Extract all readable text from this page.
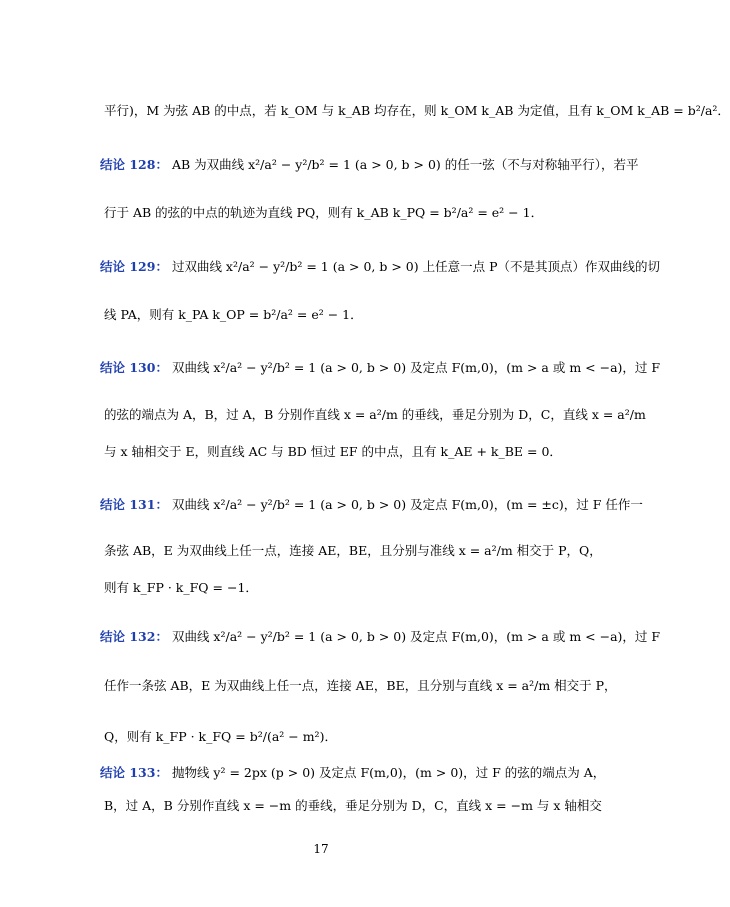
平行)，M 为弦 AB 的中点，若 k_OM 与 k_AB 均存在，则 k_OM k_AB 为定值，且有 k_OM k_AB = b²/a²．
结论 128： AB 为双曲线 x²/a² − y²/b² = 1 (a > 0, b > 0) 的任一弦（不与对称轴平行），若平
行于 AB 的弦的中点的轨迹为直线 PQ，则有 k_AB k_PQ = b²/a² = e² − 1．
结论 129： 过双曲线 x²/a² − y²/b² = 1 (a > 0, b > 0) 上任意一点 P（不是其顶点）作双曲线的切
线 PA，则有 k_PA k_OP = b²/a² = e² − 1．
结论 130： 双曲线 x²/a² − y²/b² = 1 (a > 0, b > 0) 及定点 F(m,0)，(m > a 或 m < −a)，过 F
的弦的端点为 A，B，过 A，B 分别作直线 x = a²/m 的垂线，垂足分别为 D，C，直线 x = a²/m
与 x 轴相交于 E，则直线 AC 与 BD 恒过 EF 的中点，且有 k_AE + k_BE = 0．
结论 131： 双曲线 x²/a² − y²/b² = 1 (a > 0, b > 0) 及定点 F(m,0)，(m = ±c)，过 F 任作一
条弦 AB，E 为双曲线上任一点，连接 AE，BE，且分别与准线 x = a²/m 相交于 P，Q，
则有 k_FP · k_FQ = −1．
结论 132： 双曲线 x²/a² − y²/b² = 1 (a > 0, b > 0) 及定点 F(m,0)，(m > a 或 m < −a)，过 F
任作一条弦 AB，E 为双曲线上任一点，连接 AE，BE，且分别与直线 x = a²/m 相交于 P，
Q，则有 k_FP · k_FQ = b²/(a² − m²)．
结论 133： 抛物线 y² = 2px (p > 0) 及定点 F(m,0)，(m > 0)，过 F 的弦的端点为 A，
B，过 A，B 分别作直线 x = −m 的垂线，垂足分别为 D，C，直线 x = −m 与 x 轴相交
17
